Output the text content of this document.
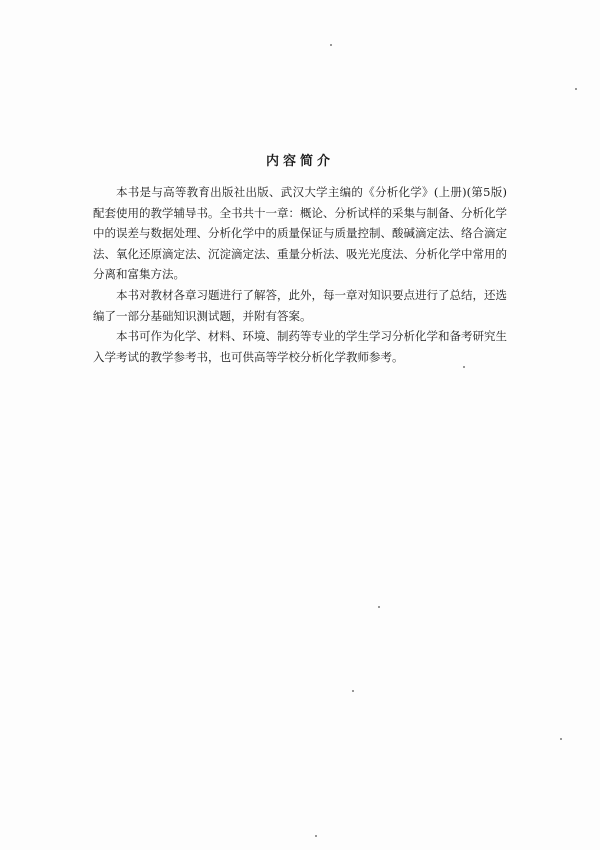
内容简介

本书是与高等教育出版社出版、武汉大学主编的《分析化学》(上册)(第5版)配套使用的教学辅导书。全书共十一章：概论、分析试样的采集与制备、分析化学中的误差与数据处理、分析化学中的质量保证与质量控制、酸碱滴定法、络合滴定法、氧化还原滴定法、沉淀滴定法、重量分析法、吸光光度法、分析化学中常用的分离和富集方法。

本书对教材各章习题进行了解答，此外，每一章对知识要点进行了总结，还选编了一部分基础知识测试题，并附有答案。

本书可作为化学、材料、环境、制药等专业的学生学习分析化学和备考研究生入学考试的教学参考书，也可供高等学校分析化学教师参考。
